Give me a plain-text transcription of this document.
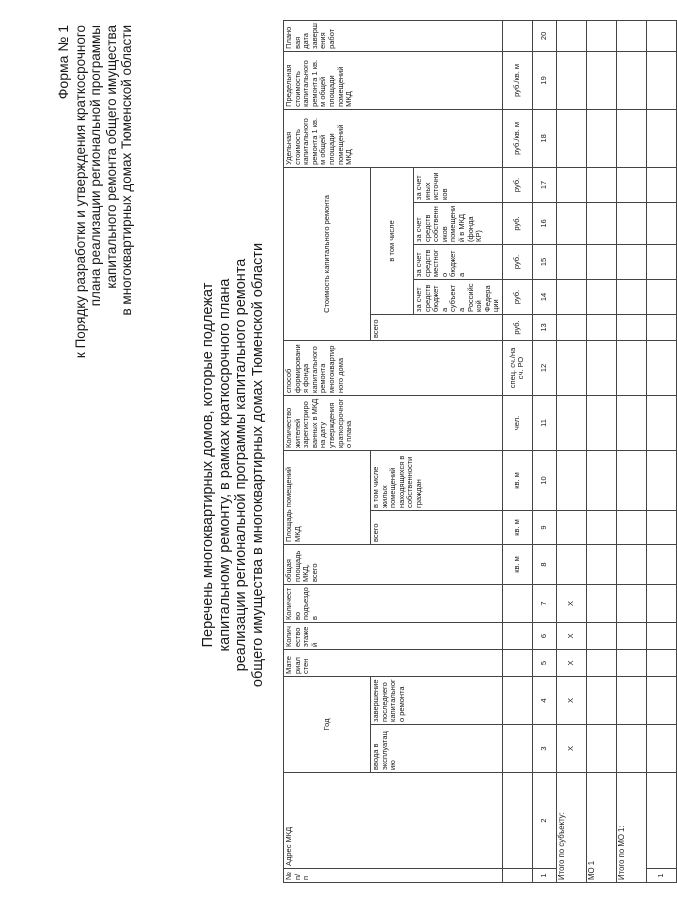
Форма № 1 к Порядку разработки и утверждения краткосрочного плана реализации региональной программы капитального ремонта общего имущества в многоквартирных домах Тюменской области
Перечень многоквартирных домов, которые подлежат капитальному ремонту, в рамках краткосрочного плана реализации региональной программы капитального ремонта общего имущества в многоквартирных домах Тюменской области
№ п/п	Адрес МКД	Год		Материал стен	Количество этажей	Количество подъездов	общая площадь МКД, всего	Площадь помещений МКД		Количество жителей зарегистрированных в МКД на дату утверждения краткосрочного плана	способ формирования фонда капитального ремонта многоквартирного дома	Стоимость капитального ремонта					Удельная стоимость капитального ремонта 1 кв. м общей площади помещений МКД	Предельная стоимость капитального ремонта 1 кв. м общей площади помещений МКД	Плановая дата завершения работ
		ввода в эксплуатацию	завершение последнего капитального ремонта					всего	в том числе жилых помещений находящихся в собственности граждан			всего	в том числе						
													за счет средств бюджета субъекта Российской Федерации	за счет средств местного бюджета	за счет средств собственников помещений в МКД (фонда КР)	за счет иных источников			
							кв. м	кв. м	кв. м	чел.	спец. сч./на сч. РО	руб.	руб.	руб.	руб.	руб.	руб./кв. м	руб./кв. м	
1	2	3	4	5	6	7	8	9	10	11	12	13	14	15	16	17	18	19	20
Итого по субъекту:		X	X	X	X	X													
МО 1																			
Итого по МО 1:																			
1																			
